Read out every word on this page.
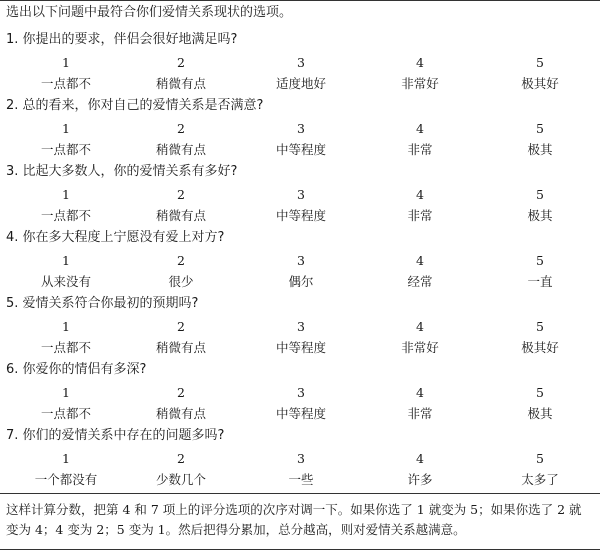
选出以下问题中最符合你们爱情关系现状的选项。
1. 你提出的要求，伴侣会很好地满足吗?
1
一点都不
2
稍微有点
3
适度地好
4
非常好
5
极其好
2. 总的看来，你对自己的爱情关系是否满意?
1
一点都不
2
稍微有点
3
中等程度
4
非常
5
极其
3. 比起大多数人，你的爱情关系有多好?
1
一点都不
2
稍微有点
3
中等程度
4
非常
5
极其
4. 你在多大程度上宁愿没有爱上对方?
1
从来没有
2
很少
3
偶尔
4
经常
5
一直
5. 爱情关系符合你最初的预期吗?
1
一点都不
2
稍微有点
3
中等程度
4
非常好
5
极其好
6. 你爱你的情侣有多深?
1
一点都不
2
稍微有点
3
中等程度
4
非常
5
极其
7. 你们的爱情关系中存在的问题多吗?
1
一个都没有
2
少数几个
3
一些
4
许多
5
太多了
这样计算分数，把第 4 和 7 项上的评分选项的次序对调一下。如果你选了 1 就变为 5；如果你选了 2 就
变为 4；4 变为 2；5 变为 1。然后把得分累加，总分越高，则对爱情关系越满意。
